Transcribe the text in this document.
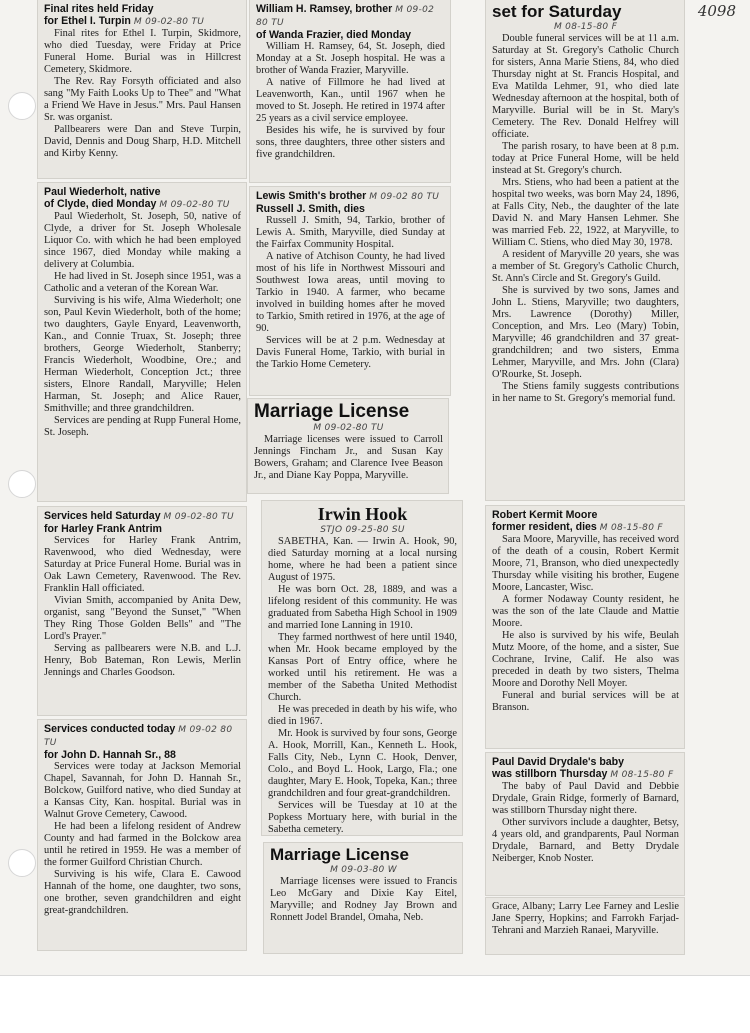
4098
Final rites held Friday
for Ethel I. Turpin M 09-02-80 TU

Final rites for Ethel I. Turpin, Skidmore, who died Tuesday, were Friday at Price Funeral Home. Burial was in Hillcrest Cemetery, Skidmore.

The Rev. Ray Forsyth officiated and also sang "My Faith Looks Up to Thee" and "What a Friend We Have in Jesus." Mrs. Paul Hansen Sr. was organist.

Pallbearers were Dan and Steve Turpin, David, Dennis and Doug Sharp, H.D. Mitchell and Kirby Kenny.

Paul Wiederholt, native
of Clyde, died Monday M 09-02-80 TU

Paul Wiederholt, St. Joseph, 50, native of Clyde, a driver for St. Joseph Wholesale Liquor Co. with which he had been employed since 1967, died Monday while making a delivery at Columbia.

He had lived in St. Joseph since 1951, was a Catholic and a veteran of the Korean War.

Surviving is his wife, Alma Wiederholt; one son, Paul Kevin Wiederholt, both of the home; two daughters, Gayle Enyard, Leavenworth, Kan., and Connie Truax, St. Joseph; three brothers, George Wiederholt, Stanberry; Francis Wiederholt, Woodbine, Ore.; and Herman Wiederholt, Conception Jct.; three sisters, Elnore Randall, Maryville; Helen Harman, St. Joseph; and Alice Rauer, Smithville; and three grandchildren.

Services are pending at Rupp Funeral Home, St. Joseph.

Services held Saturday M 09-02-80 TU
for Harley Frank Antrim

Services for Harley Frank Antrim, Ravenwood, who died Wednesday, were Saturday at Price Funeral Home. Burial was in Oak Lawn Cemetery, Ravenwood. The Rev. Franklin Hall officiated.

Vivian Smith, accompanied by Anita Dew, organist, sang "Beyond the Sunset," "When They Ring Those Golden Bells" and "The Lord's Prayer."

Serving as pallbearers were N.B. and L.J. Henry, Bob Bateman, Ron Lewis, Merlin Jennings and Charles Goodson.

Services conducted today M 09-02 80 TU
for John D. Hannah Sr., 88

Services were today at Jackson Memorial Chapel, Savannah, for John D. Hannah Sr., Bolckow, Guilford native, who died Sunday at a Kansas City, Kan. hospital. Burial was in Walnut Grove Cemetery, Cawood.

He had been a lifelong resident of Andrew County and had farmed in the Bolckow area until he retired in 1959. He was a member of the former Guilford Christian Church.

Surviving is his wife, Clara E. Cawood Hannah of the home, one daughter, two sons, one brother, seven grandchildren and eight great-grandchildren.

William H. Ramsey, brother M 09-02 80 TU
of Wanda Frazier, died Monday

William H. Ramsey, 64, St. Joseph, died Monday at a St. Joseph hospital. He was a brother of Wanda Frazier, Maryville.

A native of Fillmore he had lived at Leavenworth, Kan., until 1967 when he moved to St. Joseph. He retired in 1974 after 25 years as a civil service employee.

Besides his wife, he is survived by four sons, three daughters, three other sisters and five grandchildren.

Lewis Smith's brother M 09-02 80 TU
Russell J. Smith, dies

Russell J. Smith, 94, Tarkio, brother of Lewis A. Smith, Maryville, died Sunday at the Fairfax Community Hospital.

A native of Atchison County, he had lived most of his life in Northwest Missouri and Southwest Iowa areas, until moving to Tarkio in 1940. A farmer, who became involved in building homes after he moved to Tarkio, Smith retired in 1976, at the age of 90.

Services will be at 2 p.m. Wednesday at Davis Funeral Home, Tarkio, with burial in the Tarkio Home Cemetery.

Marriage License
M 09-02-80 TU

Marriage licenses were issued to Carroll Jennings Fincham Jr., and Susan Kay Bowers, Graham; and Clarence Ivee Beason Jr., and Diane Kay Poppa, Maryville.

Irwin Hook
STJO 09-25-80 SU

SABETHA, Kan. — Irwin A. Hook, 90, died Saturday morning at a local nursing home, where he had been a patient since August of 1975.

He was born Oct. 28, 1889, and was a lifelong resident of this community. He was graduated from Sabetha High School in 1909 and married Ione Lanning in 1910.

They farmed northwest of here until 1940, when Mr. Hook became employed by the Kansas Port of Entry office, where he worked until his retirement. He was a member of the Sabetha United Methodist Church.

He was preceded in death by his wife, who died in 1967.

Mr. Hook is survived by four sons, George A. Hook, Morrill, Kan., Kenneth L. Hook, Falls City, Neb., Lynn C. Hook, Denver, Colo., and Boyd L. Hook, Largo, Fla.; one daughter, Mary E. Hook, Topeka, Kan.; three grandchildren and four great-grandchildren.

Services will be Tuesday at 10 at the Popkess Mortuary here, with burial in the Sabetha cemetery.

Marriage License
M 09-03-80 W

Marriage licenses were issued to Francis Leo McGary and Dixie Kay Eitel, Maryville; and Rodney Jay Brown and Ronnett Jodel Brandel, Omaha, Neb.

set for Saturday
M 08-15-80 F

Double funeral services will be at 11 a.m. Saturday at St. Gregory's Catholic Church for sisters, Anna Marie Stiens, 84, who died Thursday night at St. Francis Hospital, and Eva Matilda Lehmer, 91, who died late Wednesday afternoon at the hospital, both of Maryville. Burial will be in St. Mary's Cemetery. The Rev. Donald Helfrey will officiate.

The parish rosary, to have been at 8 p.m. today at Price Funeral Home, will be held instead at St. Gregory's church.

Mrs. Stiens, who had been a patient at the hospital two weeks, was born May 24, 1896, at Falls City, Neb., the daughter of the late David N. and Mary Hansen Lehmer. She was married Feb. 22, 1922, at Maryville, to William C. Stiens, who died May 30, 1978.

A resident of Maryville 20 years, she was a member of St. Gregory's Catholic Church, St. Ann's Circle and St. Gregory's Guild.

She is survived by two sons, James and John L. Stiens, Maryville; two daughters, Mrs. Lawrence (Dorothy) Miller, Conception, and Mrs. Leo (Mary) Tobin, Maryville; 46 grandchildren and 37 great-grandchildren; and two sisters, Emma Lehmer, Maryville, and Mrs. John (Clara) O'Rourke, St. Joseph.

The Stiens family suggests contributions in her name to St. Gregory's memorial fund.

Robert Kermit Moore
former resident, dies M 08-15-80 F

Sara Moore, Maryville, has received word of the death of a cousin, Robert Kermit Moore, 71, Branson, who died unexpectedly Thursday while visiting his brother, Eugene Moore, Lancaster, Wisc.

A former Nodaway County resident, he was the son of the late Claude and Mattie Moore.

He also is survived by his wife, Beulah Mutz Moore, of the home, and a sister, Sue Cochrane, Irvine, Calif. He also was preceded in death by two sisters, Thelma Moore and Dorothy Nell Moyer.

Funeral and burial services will be at Branson.

Paul David Drydale's baby
was stillborn Thursday M 08-15-80 F

The baby of Paul David and Debbie Drydale, Grain Ridge, formerly of Barnard, was stillborn Thursday night there.

Other survivors include a daughter, Betsy, 4 years old, and grandparents, Paul Norman Drydale, Barnard, and Betty Drydale Neiberger, Knob Noster.

Grace, Albany; Larry Lee Farney and Leslie Jane Sperry, Hopkins; and Farrokh Farjad-Tehrani and Marzieh Ranaei, Maryville.
